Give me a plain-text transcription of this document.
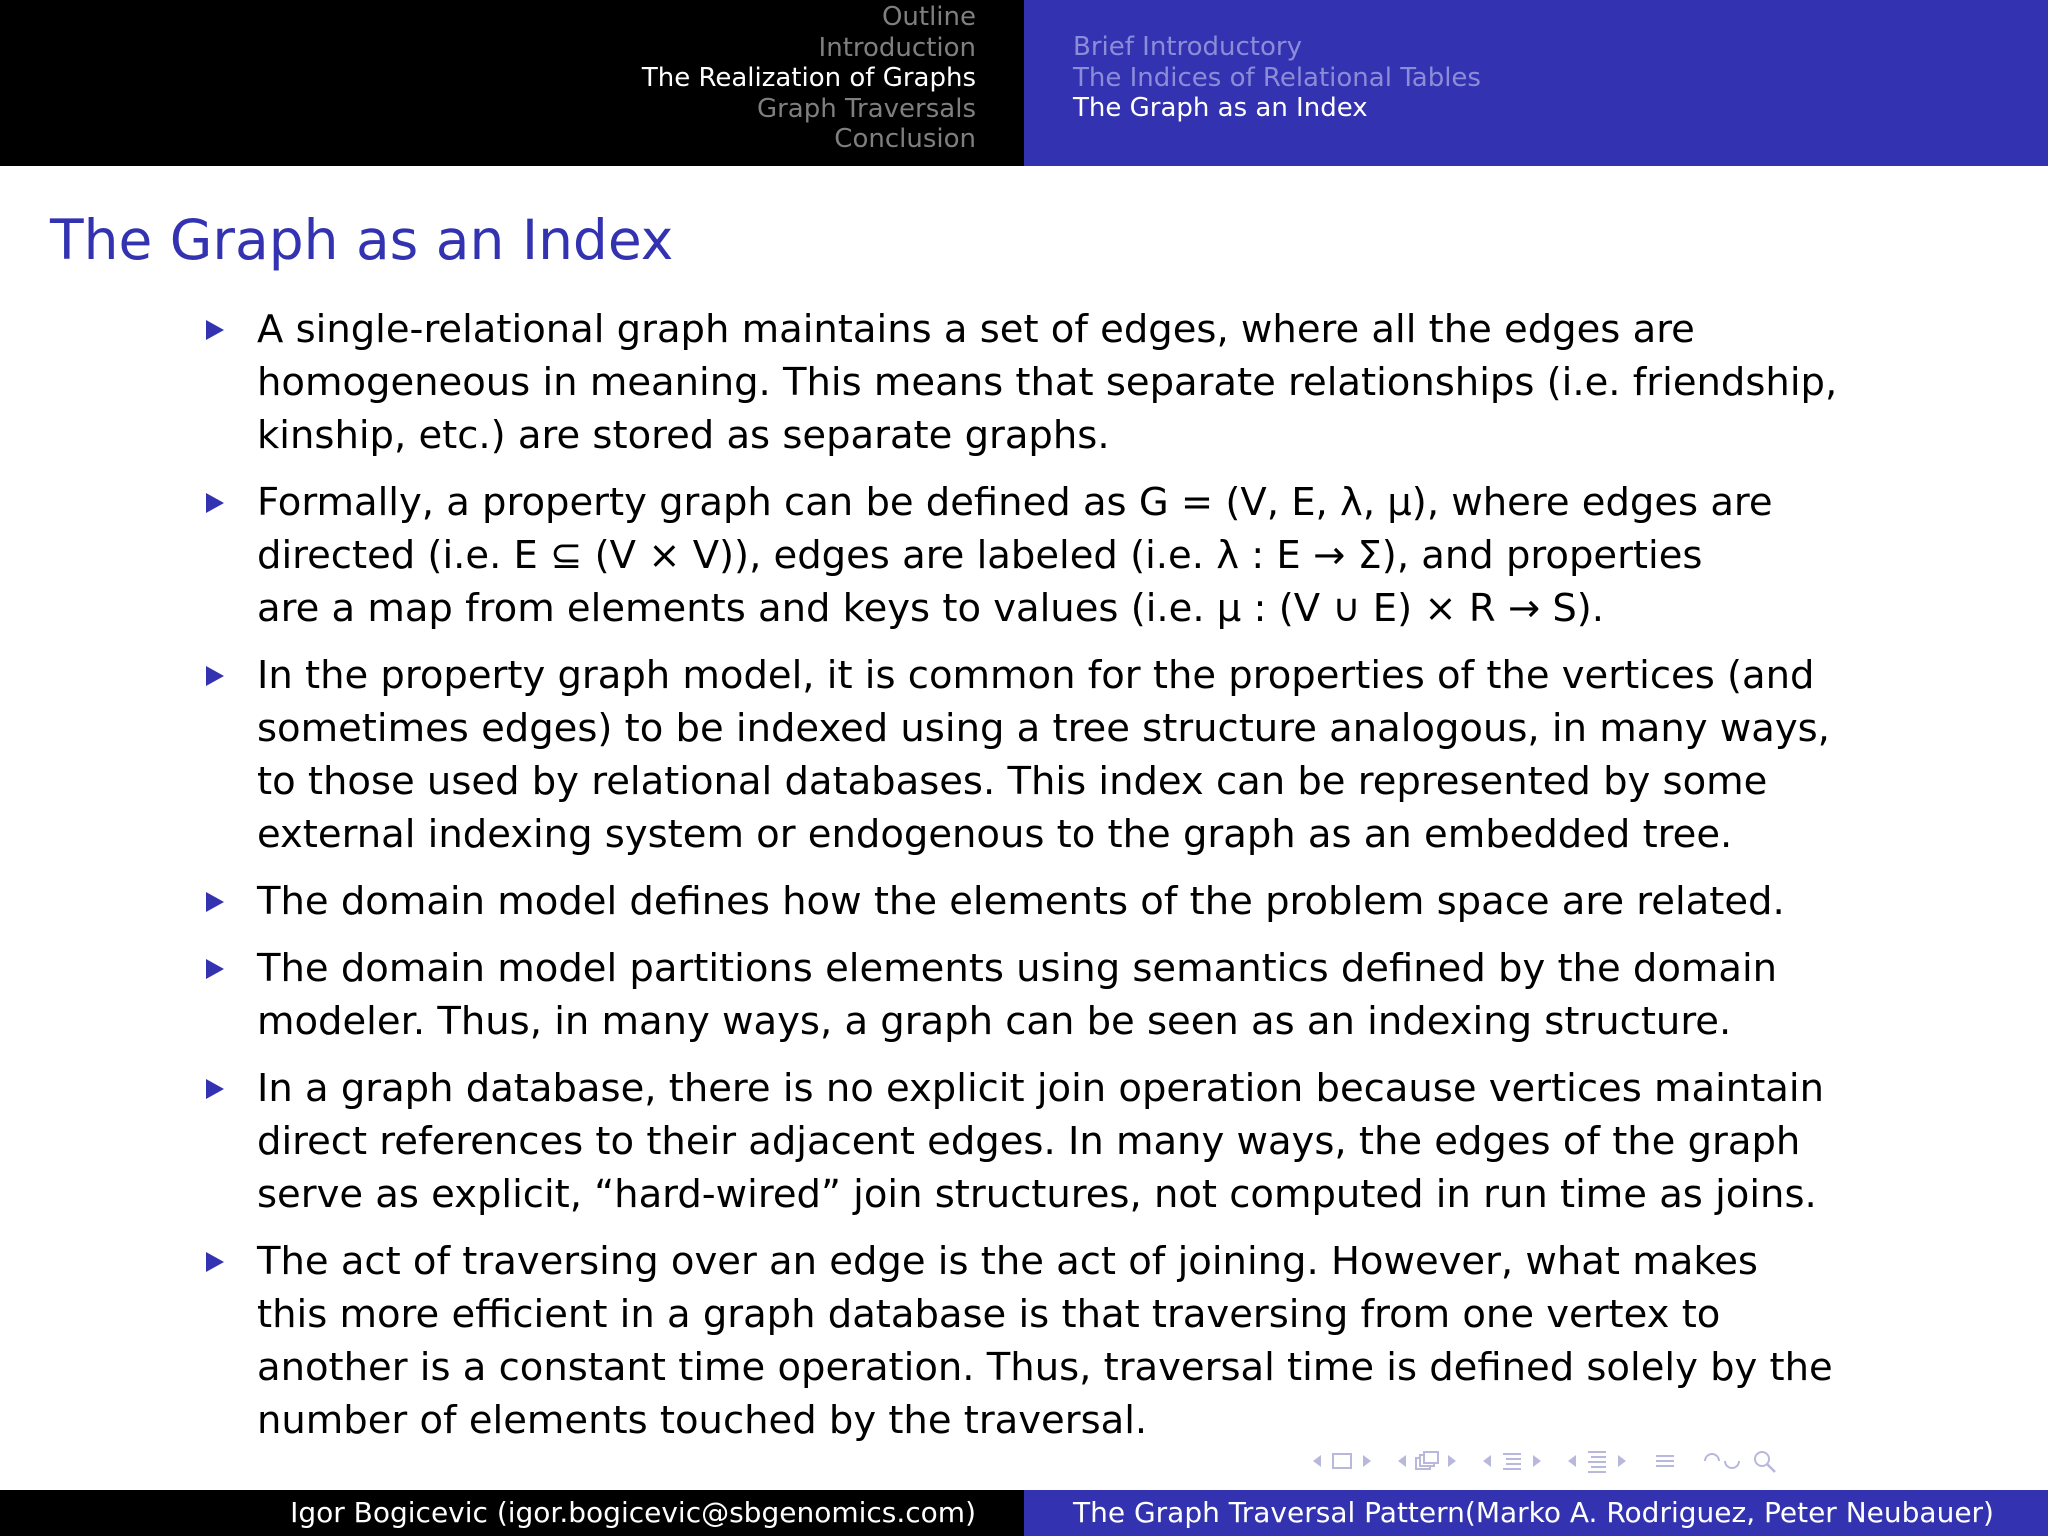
Outline
Introduction
The Realization of Graphs
Graph Traversals
Conclusion
Brief Introductory
The Indices of Relational Tables
The Graph as an Index
The Graph as an Index
A single-relational graph maintains a set of edges, where all the edges are
homogeneous in meaning. This means that separate relationships (i.e. friendship,
kinship, etc.) are stored as separate graphs.
Formally, a property graph can be defined as G = (V, E, λ, μ), where edges are
directed (i.e. E ⊆ (V × V)), edges are labeled (i.e. λ : E → Σ), and properties
are a map from elements and keys to values (i.e. μ : (V ∪ E) × R → S).
In the property graph model, it is common for the properties of the vertices (and
sometimes edges) to be indexed using a tree structure analogous, in many ways,
to those used by relational databases. This index can be represented by some
external indexing system or endogenous to the graph as an embedded tree.
The domain model defines how the elements of the problem space are related.
The domain model partitions elements using semantics defined by the domain
modeler. Thus, in many ways, a graph can be seen as an indexing structure.
In a graph database, there is no explicit join operation because vertices maintain
direct references to their adjacent edges. In many ways, the edges of the graph
serve as explicit, “hard-wired” join structures, not computed in run time as joins.
The act of traversing over an edge is the act of joining. However, what makes
this more efficient in a graph database is that traversing from one vertex to
another is a constant time operation. Thus, traversal time is defined solely by the
number of elements touched by the traversal.
Igor Bogicevic (igor.bogicevic@sbgenomics.com)	The Graph Traversal Pattern(Marko A. Rodriguez, Peter Neubauer)
